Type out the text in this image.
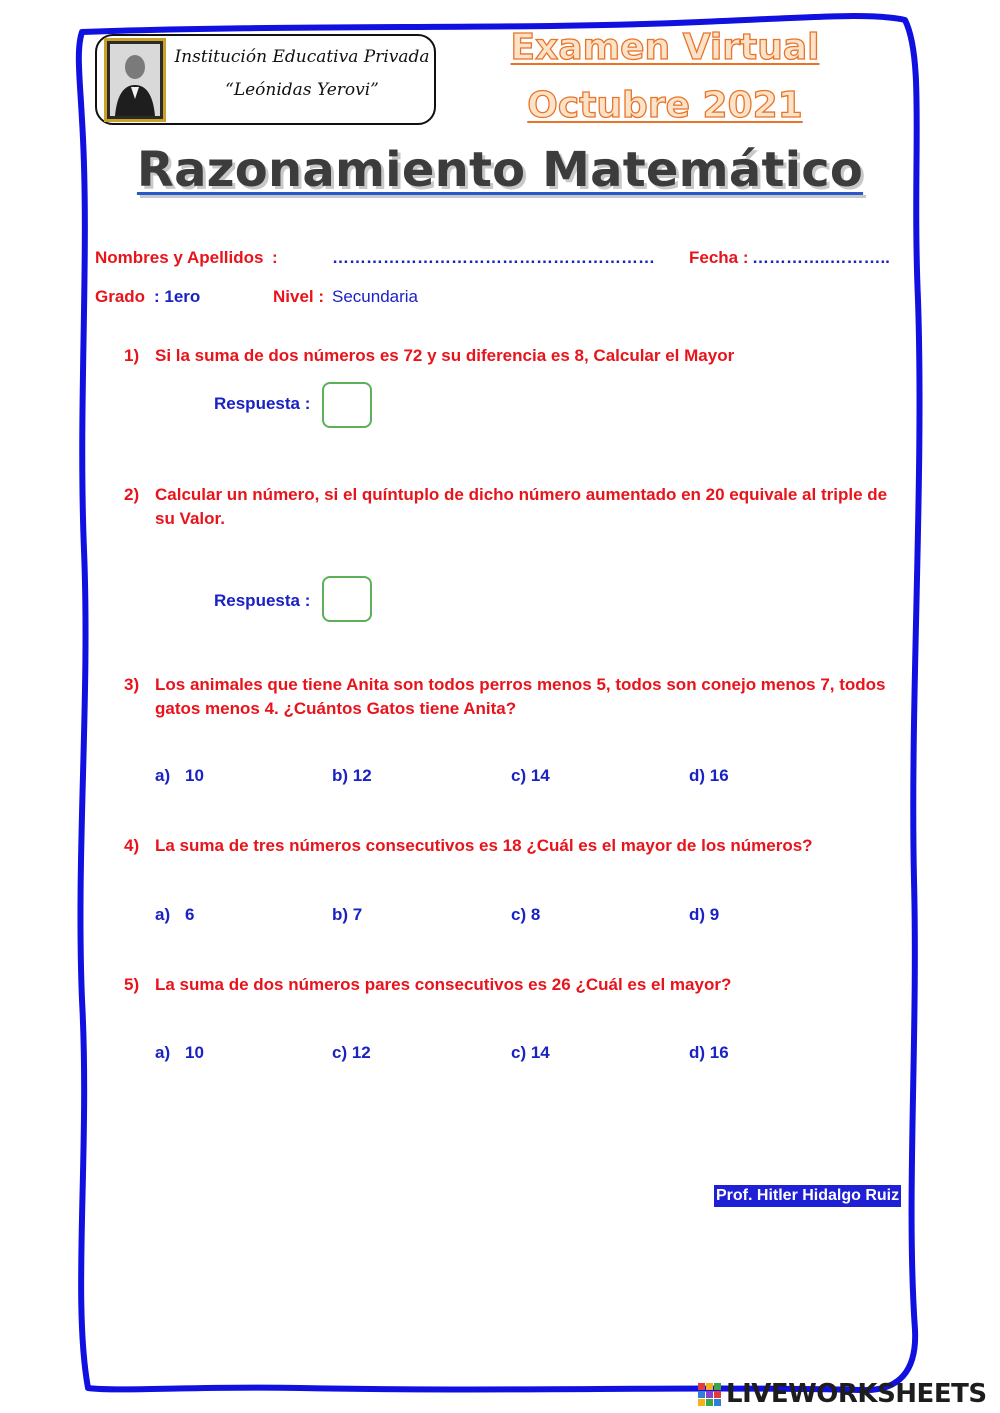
Institución Educativa Privada
“Leónidas Yerovi”
Examen Virtual
Octubre 2021
Razonamiento Matemático
Nombres y Apellidos :	………………………………………………… Fecha : …………..………..
Grado : 1ero	Nivel : Secundaria
1) Si la suma de dos números es 72 y su diferencia es 8, Calcular el Mayor
Respuesta :
2) Calcular un número, si el quíntuplo de dicho número aumentado en 20 equivale al triple de su Valor.
Respuesta :
3) Los animales que tiene Anita son todos perros menos 5, todos son conejo menos 7, todos gatos menos 4. ¿Cuántos Gatos tiene Anita?
a) 10	b) 12	c) 14	d) 16
4) La suma de tres números consecutivos es 18 ¿Cuál es el mayor de los números?
a) 6	b) 7	c) 8	d) 9
5) La suma de dos números pares consecutivos es 26 ¿Cuál es el mayor?
a) 10	c) 12	c) 14	d) 16
Prof. Hitler Hidalgo Ruiz
LIVEWORKSHEETS
